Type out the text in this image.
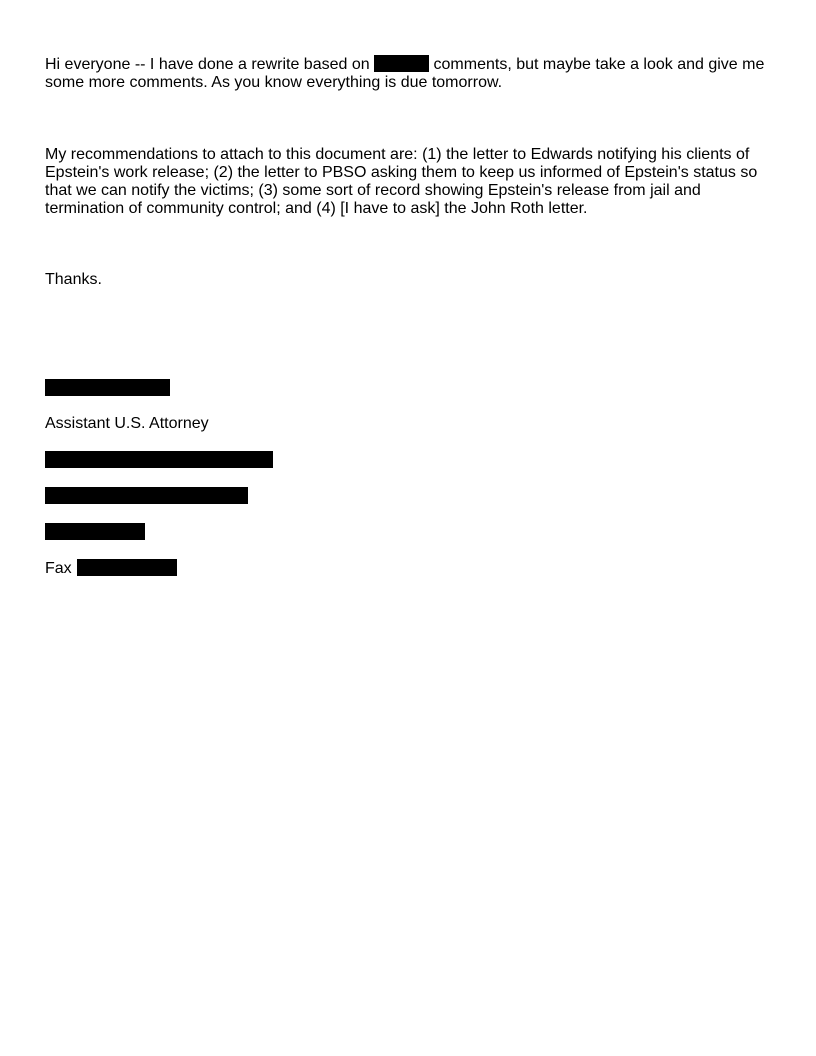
Hi everyone -- I have done a rewrite based on	comments, but maybe take a look and give me some more comments. As you know everything is due tomorrow.

My recommendations to attach to this document are: (1) the letter to Edwards notifying his clients of Epstein's work release; (2) the letter to PBSO asking them to keep us informed of Epstein's status so that we can notify the victims; (3) some sort of record showing Epstein's release from jail and termination of community control; and (4) [I have to ask] the John Roth letter.

Thanks.

Assistant U.S. Attorney
Fax
